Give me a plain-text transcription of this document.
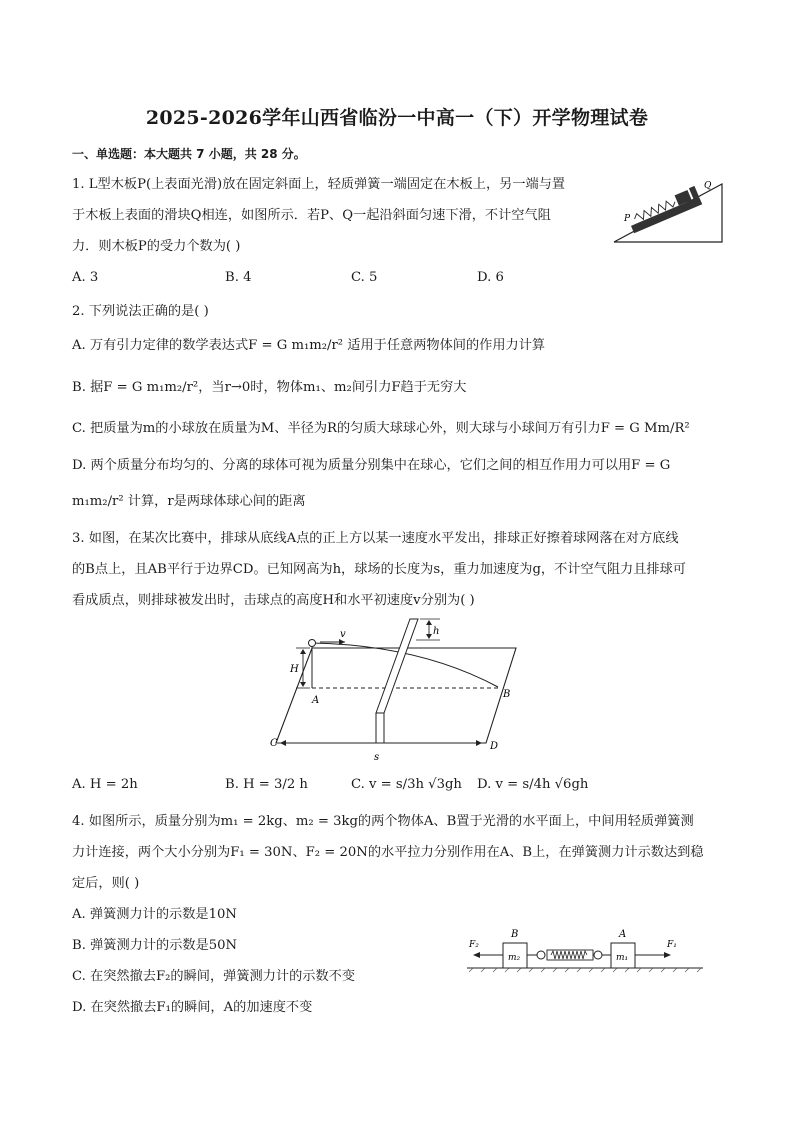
2025-2026学年山西省临汾一中高一（下）开学物理试卷
一、单选题：本大题共 7 小题，共 28 分。
1. L型木板P(上表面光滑)放在固定斜面上，轻质弹簧一端固定在木板上，另一端与置
于木板上表面的滑块Q相连，如图所示．若P、Q一起沿斜面匀速下滑，不计空气阻
力．则木板P的受力个数为( )
A. 3	B. 4	C. 5	D. 6
P
Q
2. 下列说法正确的是( )
A. 万有引力定律的数学表达式F = G m₁m₂/r² 适用于任意两物体间的作用力计算
B. 据F = G m₁m₂/r²，当r→0时，物体m₁、m₂间引力F趋于无穷大
C. 把质量为m的小球放在质量为M、半径为R的匀质大球球心外，则大球与小球间万有引力F = G Mm/R²
D. 两个质量分布均匀的、分离的球体可视为质量分别集中在球心，它们之间的相互作用力可以用F = G
m₁m₂/r² 计算，r是两球体球心间的距离
3. 如图，在某次比赛中，排球从底线A点的正上方以某一速度水平发出，排球正好擦着球网落在对方底线
的B点上，且AB平行于边界CD。已知网高为h，球场的长度为s，重力加速度为g，不计空气阻力且排球可
看成质点，则排球被发出时，击球点的高度H和水平初速度v分别为( )
v	h
H
A
B
C	D
s
A. H = 2h	B. H = 3/2 h	C. v = s/3h √3gh D. v = s/4h √6gh
4. 如图所示，质量分别为m₁ = 2kg、m₂ = 3kg的两个物体A、B置于光滑的水平面上，中间用轻质弹簧测
力计连接，两个大小分别为F₁ = 30N、F₂ = 20N的水平拉力分别作用在A、B上，在弹簧测力计示数达到稳
定后，则( )
A. 弹簧测力计的示数是10N
B. 弹簧测力计的示数是50N
C. 在突然撤去F₂的瞬间，弹簧测力计的示数不变
D. 在突然撤去F₁的瞬间，A的加速度不变
B	A
m₂	m₁
F₂	F₁
